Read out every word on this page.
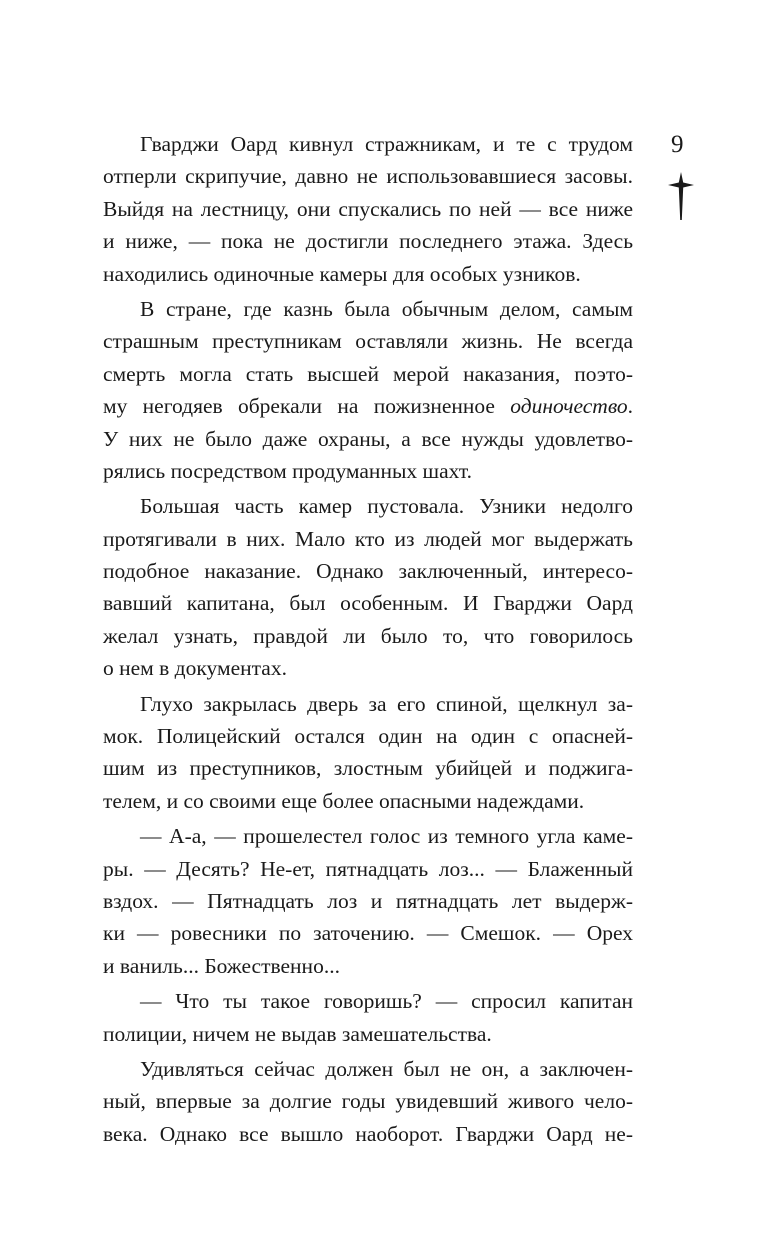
9
Гварджи Оард кивнул стражникам, и те с трудом
отперли скрипучие, давно не использовавшиеся засовы.
Выйдя на лестницу, они спускались по ней — все ниже
и ниже, — пока не достигли последнего этажа. Здесь
находились одиночные камеры для особых узников.
В стране, где казнь была обычным делом, самым
страшным преступникам оставляли жизнь. Не всегда
смерть могла стать высшей мерой наказания, поэто-
му негодяев обрекали на пожизненное одиночество.
У них не было даже охраны, а все нужды удовлетво-
рялись посредством продуманных шахт.
Большая часть камер пустовала. Узники недолго
протягивали в них. Мало кто из людей мог выдержать
подобное наказание. Однако заключенный, интересо-
вавший капитана, был особенным. И Гварджи Оард
желал узнать, правдой ли было то, что говорилось
о нем в документах.
Глухо закрылась дверь за его спиной, щелкнул за-
мок. Полицейский остался один на один с опасней-
шим из преступников, злостным убийцей и поджига-
телем, и со своими еще более опасными надеждами.
— А-а, — прошелестел голос из темного угла каме-
ры. — Десять? Не-ет, пятнадцать лоз... — Блаженный
вздох. — Пятнадцать лоз и пятнадцать лет выдерж-
ки — ровесники по заточению. — Смешок. — Орех
и ваниль... Божественно...
— Что ты такое говоришь? — спросил капитан
полиции, ничем не выдав замешательства.
Удивляться сейчас должен был не он, а заключен-
ный, впервые за долгие годы увидевший живого чело-
века. Однако все вышло наоборот. Гварджи Оард не-
